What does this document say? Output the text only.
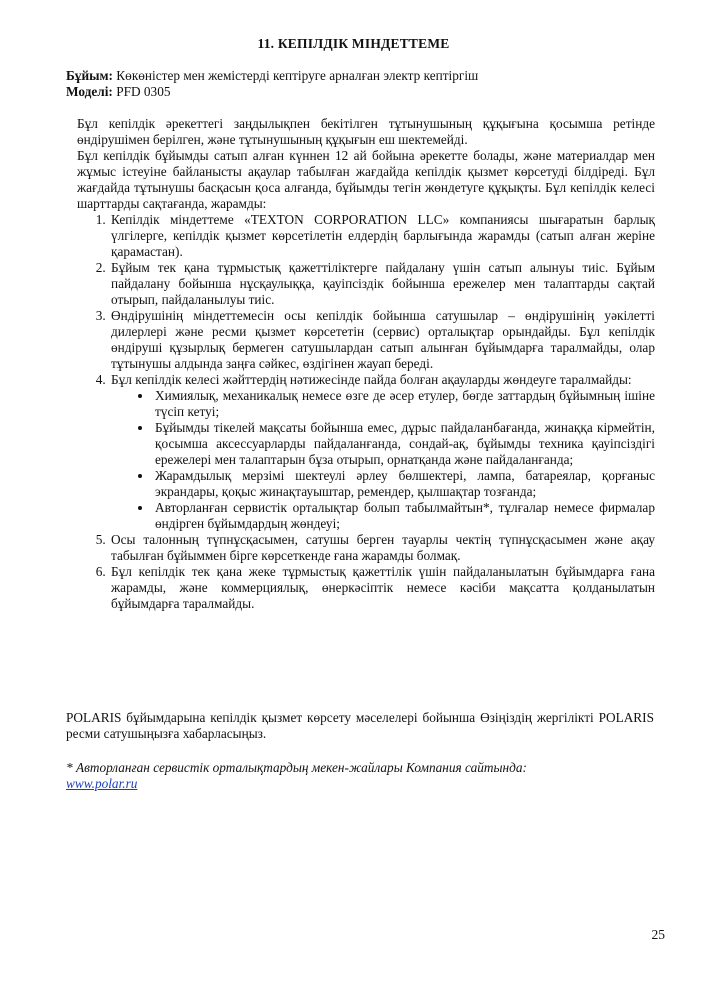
11. КЕПІЛДІК МІНДЕТТЕМЕ
Бұйым: Көкөністер мен жемістерді кептіруге арналған электр кептіргіш
Моделі: PFD 0305

Бұл кепілдік әрекеттегі заңдылықпен бекітілген тұтынушының құқығына қосымша ретінде өндірушімен берілген, және тұтынушының құқығын еш шектемейді.

Бұл кепілдік бұйымды сатып алған күннен 12 ай бойына әрекетте болады, және материалдар мен жұмыс істеуіне байланысты ақаулар табылған жағдайда кепілдік қызмет көрсетуді білдіреді. Бұл жағдайда тұтынушы басқасын қоса алғанда, бұйымды тегін жөндетуге құқықты. Бұл кепілдік келесі шарттарды сақтағанда, жарамды:

1. Кепілдік міндеттеме «TEXTON CORPORATION LLC» компаниясы шығаратын барлық үлгілерге, кепілдік қызмет көрсетілетін елдердің барлығында жарамды (сатып алған жеріне қарамастан).
2. Бұйым тек қана тұрмыстық қажеттіліктерге пайдалану үшін сатып алынуы тиіс. Бұйым пайдалану бойынша нұсқаулыққа, қауіпсіздік бойынша ережелер мен талаптарды сақтай отырып, пайдаланылуы тиіс.
3. Өндірушінің міндеттемесін осы кепілдік бойынша сатушылар – өндірушінің уәкілетті дилерлері және ресми қызмет көрсететін (сервис) орталықтар орындайды. Бұл кепілдік өндіруші құзырлық бермеген сатушылардан сатып алынған бұйымдарға таралмайды, олар тұтынушы алдында заңға сәйкес, өздігінен жауап береді.
4. Бұл кепілдік келесі жәйттердің нәтижесінде пайда болған ақауларды жөндеуге таралмайды:
• Химиялық, механикалық немесе өзге де әсер етулер, бөгде заттардың бұйымның ішіне түсіп кетуі;
• Бұйымды тікелей мақсаты бойынша емес, дұрыс пайдаланбағанда, жинаққа кірмейтін, қосымша аксессуарларды пайдаланғанда, сондай-ақ, бұйымды техника қауіпсіздігі ережелері мен талаптарын бұза отырып, орнатқанда және пайдаланғанда;
• Жарамдылық мерзімі шектеулі әрлеу бөлшектері, лампа, батареялар, қорғаныс экрандары, қоқыс жинақтауыштар, ремендер, қылшақтар тозғанда;
• Авторланған сервистік орталықтар болып табылмайтын*, тұлғалар немесе фирмалар өндірген бұйымдардың жөндеуі;
5. Осы талонның түпнұсқасымен, сатушы берген тауарлы чектің түпнұсқасымен және ақау табылған бұйыммен бірге көрсеткенде ғана жарамды болмақ.
6. Бұл кепілдік тек қана жеке тұрмыстық қажеттілік үшін пайдаланылатын бұйымдарға ғана жарамды, және коммерциялық, өнеркәсіптік немесе кәсіби мақсатта қолданылатын бұйымдарға таралмайды.

POLARIS бұйымдарына кепілдік қызмет көрсету мәселелері бойынша Өзіңіздің жергілікті POLARIS ресми сатушыңызға хабарласыңыз.

* Авторланған сервистік орталықтардың мекен-жайлары Компания сайтында:
www.polar.ru

25
